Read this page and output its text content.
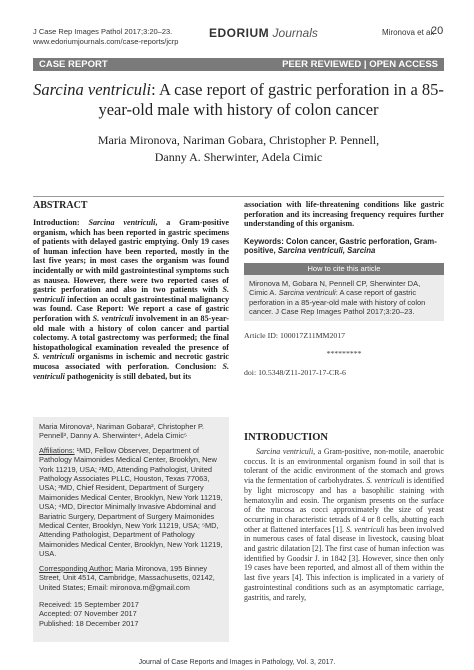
J Case Rep Images Pathol 2017;3:20–23.
www.edoriumjournals.com/case-reports/jcrp
EDORIUM Journals	Mironova et al.
20
CASE REPORT	PEER REVIEWED | OPEN ACCESS
Sarcina ventriculi: A case report of gastric perforation in a 85-year-old male with history of colon cancer
Maria Mironova, Nariman Gobara, Christopher P. Pennell,
Danny A. Sherwinter, Adela Cimic
ABSTRACT
Introduction: Sarcina ventriculi, a Gram-positive organism, which has been reported in gastric specimens of patients with delayed gastric emptying. Only 19 cases of human infection have been reported, mostly in the last five years; in most cases the organism was found incidentally or with mild gastrointestinal symptoms such as nausea. However, there were two reported cases of gastric perforation and also in two patients with S. ventriculi infection an occult gastrointestinal malignancy was found. Case Report: We report a case of gastric perforation with S. ventriculi involvement in an 85-year-old male with a history of colon cancer and partial colectomy. A total gastrectomy was performed; the final histopathological examination revealed the presence of S. ventriculi organisms in ischemic and necrotic gastric mucosa associated with perforation. Conclusion: S. ventriculi pathogenicity is still debated, but its

Maria Mironova¹, Nariman Gobara², Christopher P. Pennell³, Danny A. Sherwinter⁴, Adela Cimic⁵

Affiliations: ¹MD, Fellow Observer, Department of Pathology Maimonides Medical Center, Brooklyn, New York 11219, USA; ²MD, Attending Pathologist, United Pathology Associates PLLC, Houston, Texas 77063, USA; ³MD, Chief Resident, Department of Surgery Maimonides Medical Center, Brooklyn, New York 11219, USA; ⁴MD, Director Minimally Invasive Abdominal and Bariatric Surgery, Department of Surgery Maimonides Medical Center, Brooklyn, New York 11219, USA; ⁵MD, Attending Pathologist, Department of Pathology Maimonides Medical Center, Brooklyn, New York 11219, USA.

Corresponding Author: Maria Mironova, 195 Binney Street, Unit 4514, Cambridge, Massachusetts, 02142, United States; Email: mironova.m@gmail.com

Received: 15 September 2017
Accepted: 07 November 2017
Published: 18 December 2017

association with life-threatening conditions like gastric perforation and its increasing frequency requires further understanding of this organism.

Keywords: Colon cancer, Gastric perforation, Gram-positive, Sarcina ventriculi, Sarcina
How to cite this article
Mironova M, Gobara N, Pennell CP, Sherwinter DA, Cimic A. Sarcina ventriculi: A case report of gastric perforation in a 85-year-old male with history of colon cancer. J Case Rep Images Pathol 2017;3:20–23.
Article ID: 100017Z11MM2017
*********
doi: 10.5348/Z11-2017-17-CR-6
INTRODUCTION
Sarcina ventriculi, a Gram-positive, non-motile, anaerobic coccus. It is an environmental organism found in soil that is tolerant of the acidic environment of the stomach and grows via the fermentation of carbohydrates. S. ventriculi is identified by light microscopy and has a basophilic staining with hematoxylin and eosin. The organism presents on the surface of the mucosa as cocci approximately the size of yeast occurring in characteristic tetrads of 4 or 8 cells, abutting each other at flattened interfaces [1]. S. ventriculi has been involved in numerous cases of fatal disease in livestock, causing bloat and gastric dilatation [2]. The first case of human infection was identified by Goodsir J. in 1842 [3]. However, since then only 19 cases have been reported, and almost all of them within the last five years [4]. This infection is implicated in a variety of gastrointestinal conditions such as an asymptomatic carriage, gastritis, and rarely,
Journal of Case Reports and Images in Pathology, Vol. 3, 2017.
